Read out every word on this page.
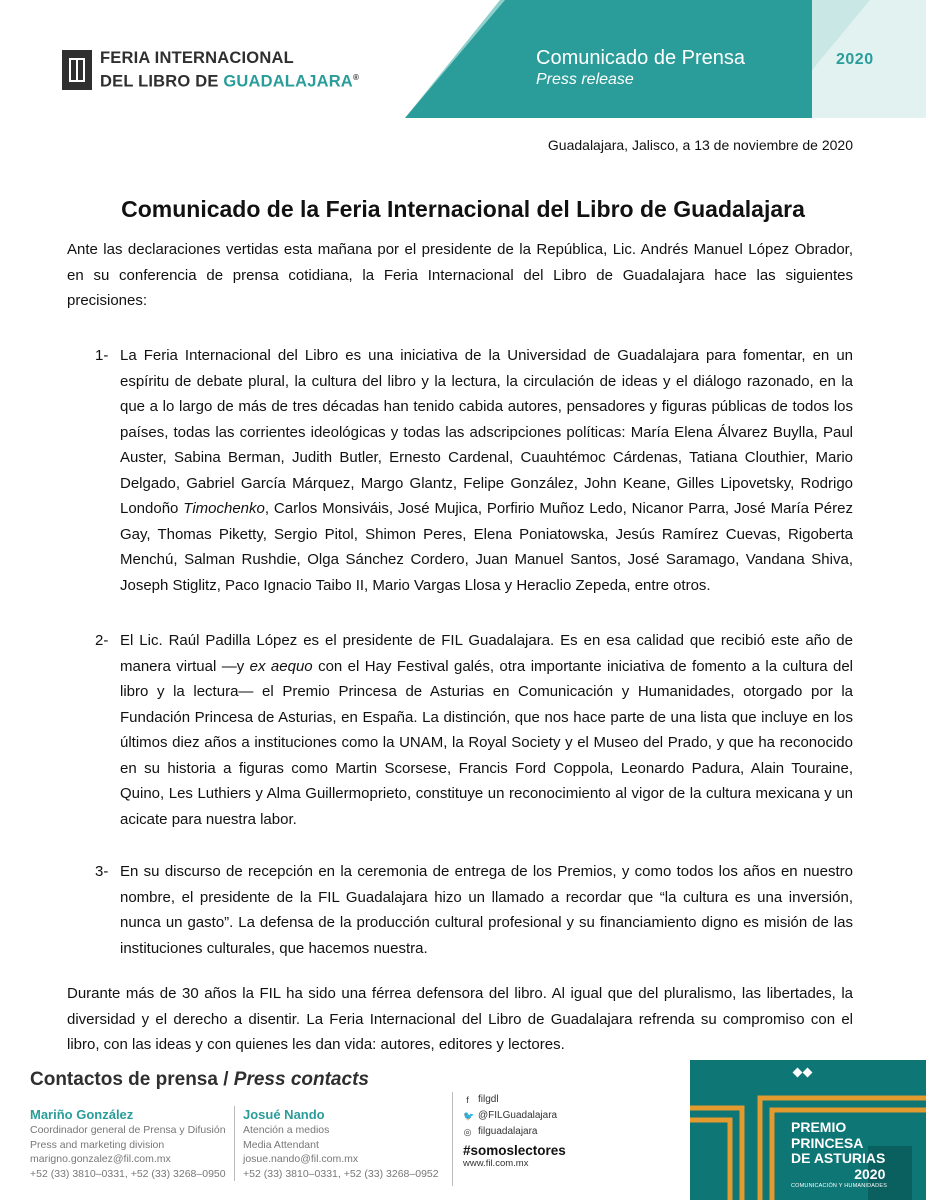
Comunicado de Prensa
Press release
2020
FERIA INTERNACIONAL
DEL LIBRO DE GUADALAJARA®
Guadalajara, Jalisco, a 13 de noviembre de 2020
Comunicado de la Feria Internacional del Libro de Guadalajara

Ante las declaraciones vertidas esta mañana por el presidente de la República, Lic. Andrés Manuel López Obrador, en su conferencia de prensa cotidiana, la Feria Internacional del Libro de Guadalajara hace las siguientes precisiones:

1- La Feria Internacional del Libro es una iniciativa de la Universidad de Guadalajara para fomentar, en un espíritu de debate plural, la cultura del libro y la lectura, la circulación de ideas y el diálogo razonado, en la que a lo largo de más de tres décadas han tenido cabida autores, pensadores y figuras públicas de todos los países, todas las corrientes ideológicas y todas las adscripciones políticas: María Elena Álvarez Buylla, Paul Auster, Sabina Berman, Judith Butler, Ernesto Cardenal, Cuauhtémoc Cárdenas, Tatiana Clouthier, Mario Delgado, Gabriel García Márquez, Margo Glantz, Felipe González, John Keane, Gilles Lipovetsky, Rodrigo Londoño Timochenko, Carlos Monsiváis, José Mujica, Porfirio Muñoz Ledo, Nicanor Parra, José María Pérez Gay, Thomas Piketty, Sergio Pitol, Shimon Peres, Elena Poniatowska, Jesús Ramírez Cuevas, Rigoberta Menchú, Salman Rushdie, Olga Sánchez Cordero, Juan Manuel Santos, José Saramago, Vandana Shiva, Joseph Stiglitz, Paco Ignacio Taibo II, Mario Vargas Llosa y Heraclio Zepeda, entre otros.

2- El Lic. Raúl Padilla López es el presidente de FIL Guadalajara. Es en esa calidad que recibió este año de manera virtual —y ex aequo con el Hay Festival galés, otra importante iniciativa de fomento a la cultura del libro y la lectura— el Premio Princesa de Asturias en Comunicación y Humanidades, otorgado por la Fundación Princesa de Asturias, en España. La distinción, que nos hace parte de una lista que incluye en los últimos diez años a instituciones como la UNAM, la Royal Society y el Museo del Prado, y que ha reconocido en su historia a figuras como Martin Scorsese, Francis Ford Coppola, Leonardo Padura, Alain Touraine, Quino, Les Luthiers y Alma Guillermoprieto, constituye un reconocimiento al vigor de la cultura mexicana y un acicate para nuestra labor.

3- En su discurso de recepción en la ceremonia de entrega de los Premios, y como todos los años en nuestro nombre, el presidente de la FIL Guadalajara hizo un llamado a recordar que “la cultura es una inversión, nunca un gasto”. La defensa de la producción cultural profesional y su financiamiento digno es misión de las instituciones culturales, que hacemos nuestra.

Durante más de 30 años la FIL ha sido una férrea defensora del libro. Al igual que del pluralismo, las libertades, la diversidad y el derecho a disentir. La Feria Internacional del Libro de Guadalajara refrenda su compromiso con el libro, con las ideas y con quienes les dan vida: autores, editores y lectores.

Contactos de prensa / Press contacts
Mariño González
Coordinador general de Prensa y Difusión
Press and marketing division
marigno.gonzalez@fil.com.mx
+52 (33) 3810–0331, +52 (33) 3268–0950
Josué Nando
Atención a medios
Media Attendant
josue.nando@fil.com.mx
+52 (33) 3810–0331, +52 (33) 3268–0952
f filgdl
🐦 @FILGuadalajara
◎ filguadalajara
#somoslectores
www.fil.com.mx
PREMIO
PRINCESA
DE ASTURIAS
2020
COMUNICACIÓN Y HUMANIDADES
